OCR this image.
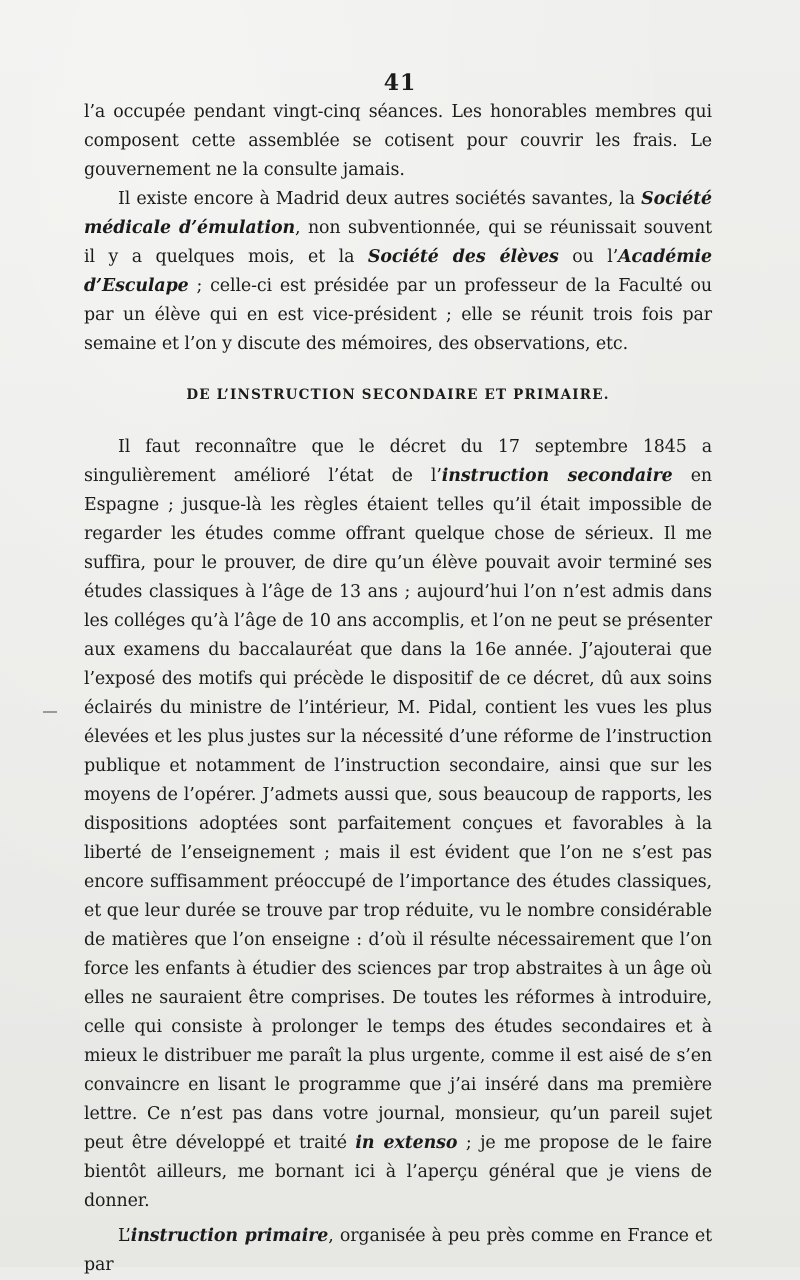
41

l’a occupée pendant vingt-cinq séances. Les honorables membres qui composent cette assemblée se cotisent pour couvrir les frais. Le gouvernement ne la consulte jamais.

Il existe encore à Madrid deux autres sociétés savantes, la Société médicale d’émulation, non subventionnée, qui se réunissait souvent il y a quelques mois, et la Société des élèves ou l’Académie d’Esculape ; celle-ci est présidée par un professeur de la Faculté ou par un élève qui en est vice-président ; elle se réunit trois fois par semaine et l’on y discute des mémoires, des observations, etc.

DE L’INSTRUCTION SECONDAIRE ET PRIMAIRE.

Il faut reconnaître que le décret du 17 septembre 1845 a singulièrement amélioré l’état de l’instruction secondaire en Espagne ; jusque-là les règles étaient telles qu’il était impossible de regarder les études comme offrant quelque chose de sérieux. Il me suffira, pour le prouver, de dire qu’un élève pouvait avoir terminé ses études classiques à l’âge de 13 ans ; aujourd’hui l’on n’est admis dans les colléges qu’à l’âge de 10 ans accomplis, et l’on ne peut se présenter aux examens du baccalauréat que dans la 16e année. J’ajouterai que l’exposé des motifs qui précède le dispositif de ce décret, dû aux soins éclairés du ministre de l’intérieur, M. Pidal, contient les vues les plus élevées et les plus justes sur la nécessité d’une réforme de l’instruction publique et notamment de l’instruction secondaire, ainsi que sur les moyens de l’opérer. J’admets aussi que, sous beaucoup de rapports, les dispositions adoptées sont parfaitement conçues et favorables à la liberté de l’enseignement ; mais il est évident que l’on ne s’est pas encore suffisamment préoccupé de l’importance des études classiques, et que leur durée se trouve par trop réduite, vu le nombre considérable de matières que l’on enseigne : d’où il résulte nécessairement que l’on force les enfants à étudier des sciences par trop abstraites à un âge où elles ne sauraient être comprises. De toutes les réformes à introduire, celle qui consiste à prolonger le temps des études secondaires et à mieux le distribuer me paraît la plus urgente, comme il est aisé de s’en convaincre en lisant le programme que j’ai inséré dans ma première lettre. Ce n’est pas dans votre journal, monsieur, qu’un pareil sujet peut être développé et traité in extenso ; je me propose de le faire bientôt ailleurs, me bornant ici à l’aperçu général que je viens de donner.

L’instruction primaire, organisée à peu près comme en France et par
